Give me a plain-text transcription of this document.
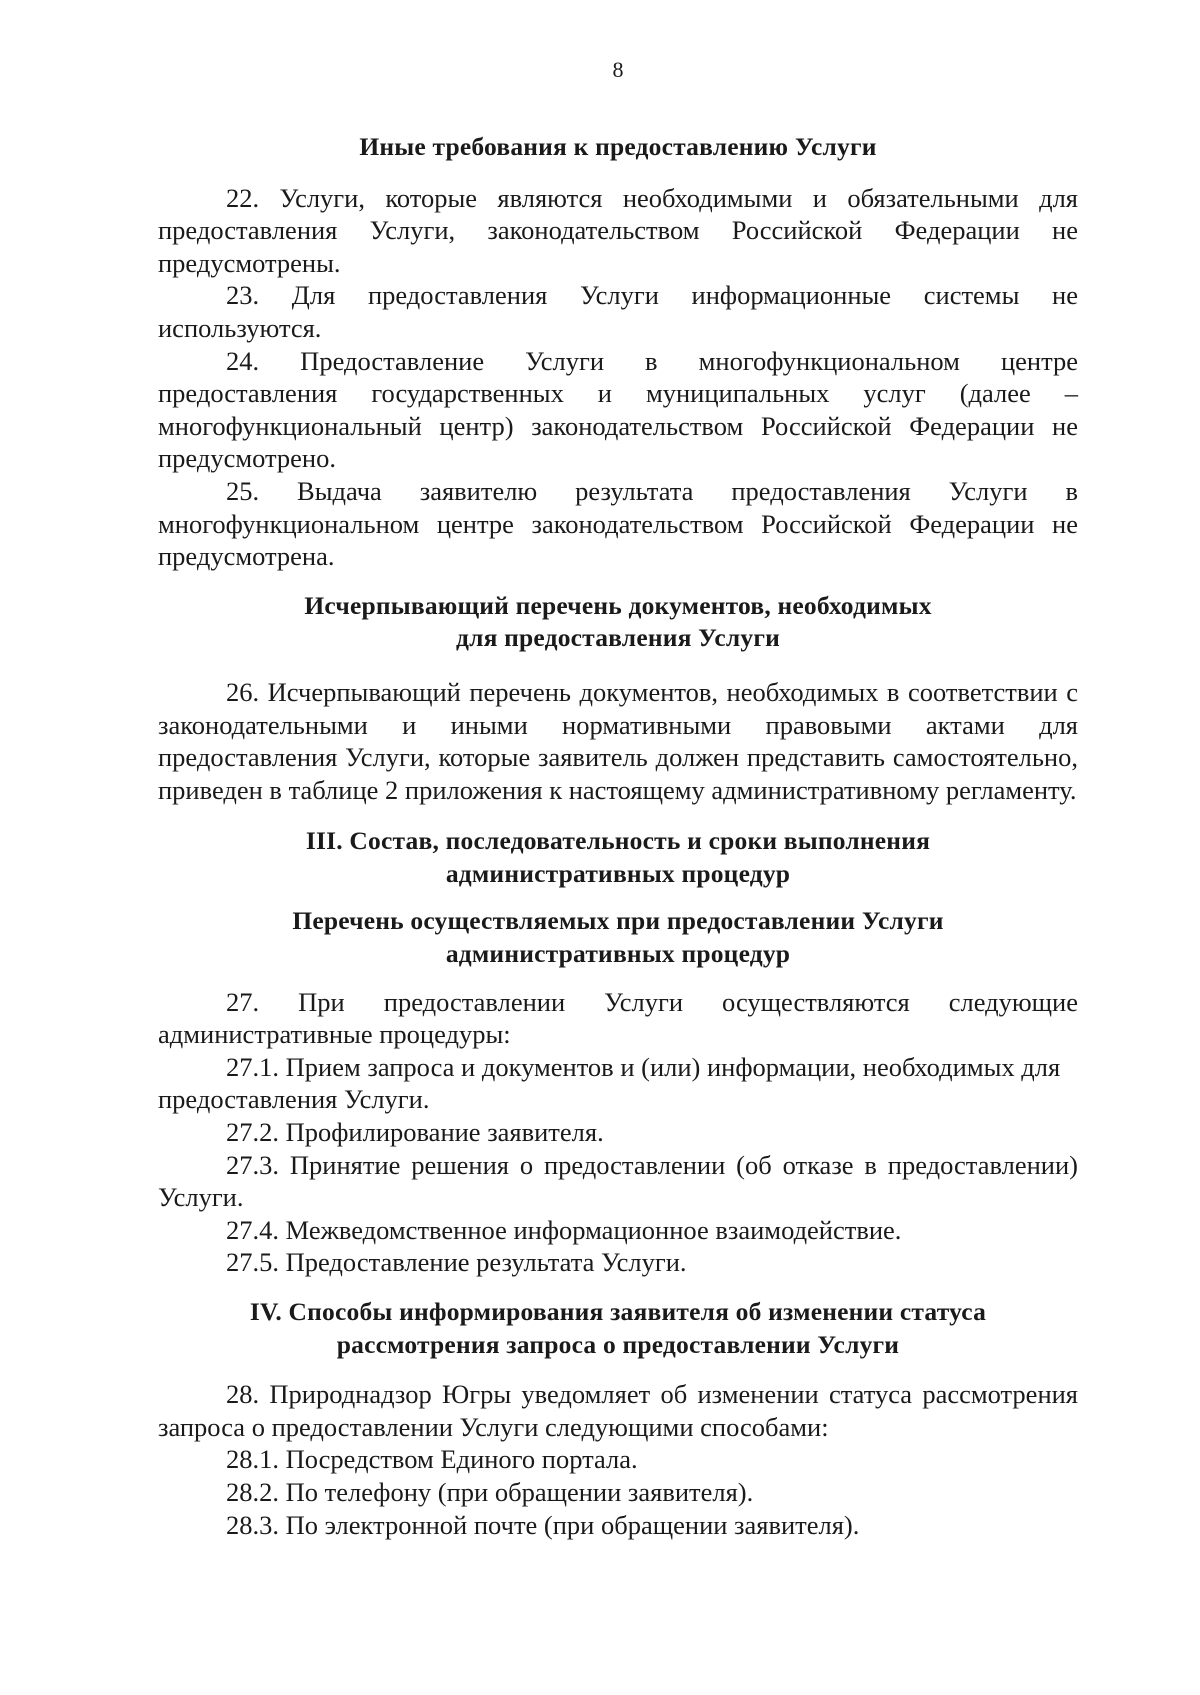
8
Иные требования к предоставлению Услуги

22. Услуги, которые являются необходимыми и обязательными для предоставления Услуги, законодательством Российской Федерации не предусмотрены.

23. Для предоставления Услуги информационные системы не используются.

24. Предоставление Услуги в многофункциональном центре предоставления государственных и муниципальных услуг (далее – многофункциональный центр) законодательством Российской Федерации не предусмотрено.

25. Выдача заявителю результата предоставления Услуги в многофункциональном центре законодательством Российской Федерации не предусмотрена.

Исчерпывающий перечень документов, необходимых
для предоставления Услуги

26. Исчерпывающий перечень документов, необходимых в соответствии с законодательными и иными нормативными правовыми актами для предоставления Услуги, которые заявитель должен представить самостоятельно, приведен в таблице 2 приложения к настоящему административному регламенту.

III. Состав, последовательность и сроки выполнения
административных процедур
Перечень осуществляемых при предоставлении Услуги
административных процедур

27. При предоставлении Услуги осуществляются следующие административные процедуры:

27.1. Прием запроса и документов и (или) информации, необходимых для предоставления Услуги.

27.2. Профилирование заявителя.

27.3. Принятие решения о предоставлении (об отказе в предоставлении) Услуги.

27.4. Межведомственное информационное взаимодействие.

27.5. Предоставление результата Услуги.

IV. Способы информирования заявителя об изменении статуса
рассмотрения запроса о предоставлении Услуги

28. Природнадзор Югры уведомляет об изменении статуса рассмотрения запроса о предоставлении Услуги следующими способами:

28.1. Посредством Единого портала.

28.2. По телефону (при обращении заявителя).

28.3. По электронной почте (при обращении заявителя).
